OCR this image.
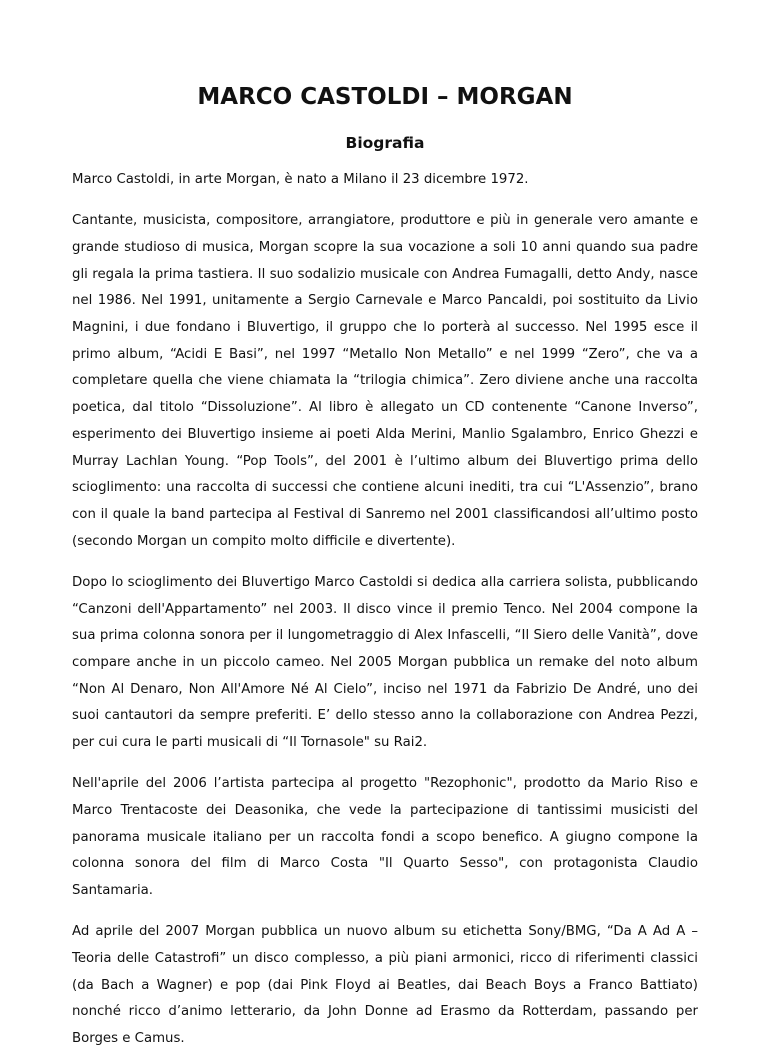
MARCO CASTOLDI – MORGAN
Biografia

Marco Castoldi, in arte Morgan, è nato a Milano il 23 dicembre 1972.

Cantante, musicista, compositore, arrangiatore, produttore e più in generale vero amante e grande studioso di musica, Morgan scopre la sua vocazione a soli 10 anni quando sua padre gli regala la prima tastiera. Il suo sodalizio musicale con Andrea Fumagalli, detto Andy, nasce nel 1986. Nel 1991, unitamente a Sergio Carnevale e Marco Pancaldi, poi sostituito da Livio Magnini, i due fondano i Bluvertigo, il gruppo che lo porterà al successo. Nel 1995 esce il primo album, “Acidi E Basi”, nel 1997 “Metallo Non Metallo” e nel 1999 “Zero”, che va a completare quella che viene chiamata la “trilogia chimica”. Zero diviene anche una raccolta poetica, dal titolo “Dissoluzione”. Al libro è allegato un CD contenente “Canone Inverso”, esperimento dei Bluvertigo insieme ai poeti Alda Merini, Manlio Sgalambro, Enrico Ghezzi e Murray Lachlan Young. “Pop Tools”, del 2001 è l’ultimo album dei Bluvertigo prima dello scioglimento: una raccolta di successi che contiene alcuni inediti, tra cui “L'Assenzio”, brano con il quale la band partecipa al Festival di Sanremo nel 2001 classificandosi all’ultimo posto (secondo Morgan un compito molto difficile e divertente).

Dopo lo scioglimento dei Bluvertigo Marco Castoldi si dedica alla carriera solista, pubblicando “Canzoni dell'Appartamento” nel 2003. Il disco vince il premio Tenco. Nel 2004 compone la sua prima colonna sonora per il lungometraggio di Alex Infascelli, “Il Siero delle Vanità”, dove compare anche in un piccolo cameo. Nel 2005 Morgan pubblica un remake del noto album “Non Al Denaro, Non All'Amore Né Al Cielo”, inciso nel 1971 da Fabrizio De André, uno dei suoi cantautori da sempre preferiti. E’ dello stesso anno la collaborazione con Andrea Pezzi, per cui cura le parti musicali di “Il Tornasole" su Rai2.

Nell'aprile del 2006 l’artista partecipa al progetto "Rezophonic", prodotto da Mario Riso e Marco Trentacoste dei Deasonika, che vede la partecipazione di tantissimi musicisti del panorama musicale italiano per un raccolta fondi a scopo benefico. A giugno compone la colonna sonora del film di Marco Costa "Il Quarto Sesso", con protagonista Claudio Santamaria.

Ad aprile del 2007 Morgan pubblica un nuovo album su etichetta Sony/BMG, “Da A Ad A – Teoria delle Catastrofi” un disco complesso, a più piani armonici, ricco di riferimenti classici (da Bach a Wagner) e pop (dai Pink Floyd ai Beatles, dai Beach Boys a Franco Battiato) nonché ricco d’animo letterario, da John Donne ad Erasmo da Rotterdam, passando per Borges e Camus.
